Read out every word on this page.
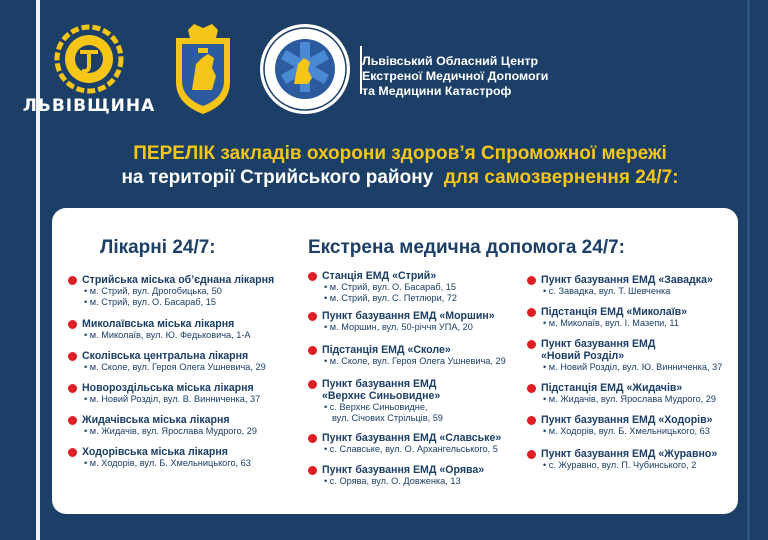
ЛЬВІВЩИНА
Львівський Обласний Центр
Екстреної Медичної Допомоги
та Медицини Катастроф
ПЕРЕЛІК закладів охорони здоров’я Спроможної мережі
на території Стрийського району для самозвернення 24/7:
Лікарні 24/7:	Екстрена медична допомога 24/7:
Стрийська міська об’єднана лікарня
• м. Стрий, вул. Дрогобицька, 50
• м. Стрий, вул. О. Басараб, 15
Миколаївська міська лікарня
• м. Миколаїв, вул. Ю. Федьковича, 1-А
Сколівська центральна лікарня
• м. Сколе, вул. Героя Олега Ушневича, 29
Новороздільська міська лікарня
• м. Новий Розділ, вул. В. Винниченка, 37
Жидачівська міська лікарня
• м. Жидачів, вул. Ярослава Мудрого, 29
Ходорівська міська лікарня
• м. Ходорів, вул. Б. Хмельницького, 63
Станція ЕМД «Стрий»
• м. Стрий, вул. О. Басараб, 15
• м. Стрий, вул. С. Петлюри, 72
Пункт базування ЕМД «Моршин»
• м. Моршин, вул. 50-річчя УПА, 20
Підстанція ЕМД «Сколе»
• м. Сколе, вул. Героя Олега Ушневича, 29
Пункт базування ЕМД
«Верхнє Синьовидне»
• с. Верхнє Синьовидне,
вул. Січових Стрільців, 59
Пункт базування ЕМД «Славське»
• с. Славське, вул. О. Архангельського, 5
Пункт базування ЕМД «Орява»
• с. Орява, вул. О. Довженка, 13
Пункт базування ЕМД «Завадка»
• с. Завадка, вул. Т. Шевченка
Підстанція ЕМД «Миколаїв»
• м. Миколаїв, вул. І. Мазепи, 11
Пункт базування ЕМД
«Новий Розділ»
• м. Новий Розділ, вул. Ю. Винниченка, 37
Підстанція ЕМД «Жидачів»
• м. Жидачів, вул. Ярослава Мудрого, 29
Пункт базування ЕМД «Ходорів»
• м. Ходорів, вул. Б. Хмельницького, 63
Пункт базування ЕМД «Журавно»
• с. Журавно, вул. П. Чубинського, 2
